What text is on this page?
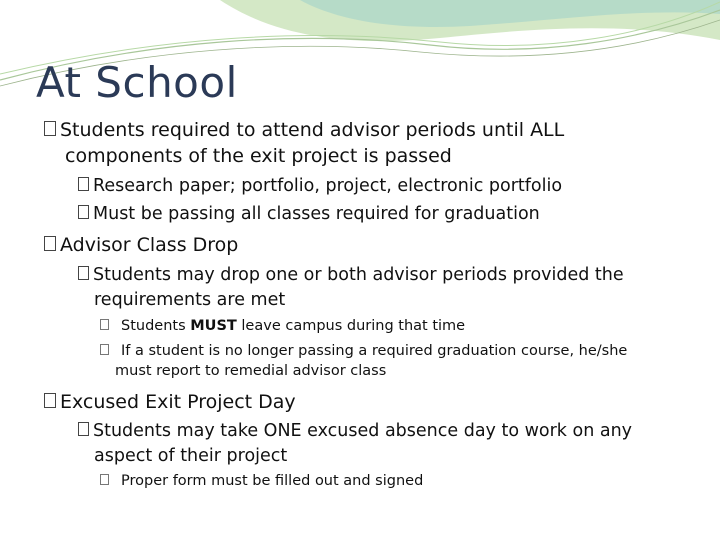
At School
Students required to attend advisor periods until ALL
components of the exit project is passed
Research paper; portfolio, project, electronic portfolio
Must be passing all classes required for graduation
Advisor Class Drop
Students may drop one or both advisor periods provided the
requirements are met
Students MUST leave campus during that time
If a student is no longer passing a required graduation course, he/she
must report to remedial advisor class
Excused Exit Project Day
Students may take ONE excused absence day to work on any
aspect of their project
Proper form must be filled out and signed
